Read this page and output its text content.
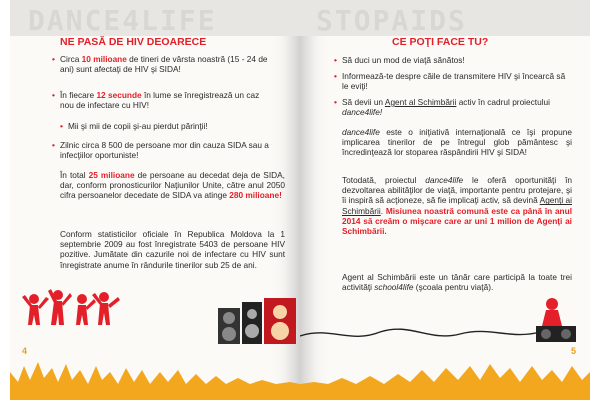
DANCE4LIFE
NE PASĂ DE HIV DEOARECE
• Circa 10 milioane de tineri de vârsta noastră (15 - 24 de ani) sunt afectaţi de HIV şi SIDA!
• În fiecare 12 secunde în lume se înregistrează un caz nou de infectare cu HIV!
• Mii şi mii de copii şi-au pierdut părinţii!
• Zilnic circa 8 500 de persoane mor din cauza SIDA sau a infecţiilor oportuniste!
În total 25 milioane de persoane au decedat deja de SIDA, dar, conform pronosticurilor Naţiunilor Unite, către anul 2050 cifra persoanelor decedate de SIDA va atinge 280 milioane!
Conform statisticilor oficiale în Republica Moldova la 1 septembrie 2009 au fost înregistrate 5403 de persoane HIV pozitive. Jumătate din cazurile noi de infectare cu HIV sunt înregistrate anume în rândurile tinerilor sub 25 de ani.
4
STOPAIDS
CE POŢI FACE TU?
• Să duci un mod de viaţă sănătos!
• Informează-te despre căile de transmitere HIV şi încearcă să le eviţi!
• Să devii un Agent al Schimbării activ în cadrul proiectului dance4life!
dance4life este o iniţiativă internaţională ce îşi propune implicarea tinerilor de pe întregul glob pământesc şi încredinţează lor stoparea răspândirii HIV şi SIDA!
Totodată, proiectul dance4life le oferă oportunităţi în dezvoltarea abilităţilor de viaţă, importante pentru protejare, şi îi inspiră să acţioneze, să fie implicaţi activ, să devină Agenţi ai Schimbării. Misiunea noastră comună este ca până în anul 2014 să creăm o mişcare care ar uni 1 milion de Agenţi ai Schimbării.
Agent al Schimbării este un tânăr care participă la toate trei activităţi school4life (şcoala pentru viaţă).
5
